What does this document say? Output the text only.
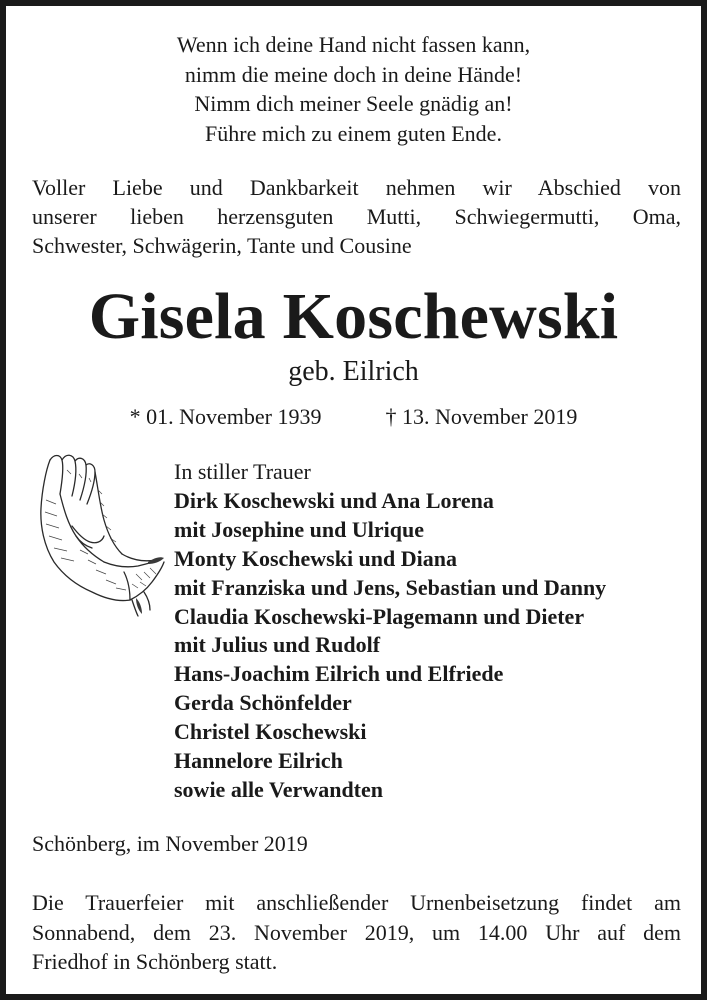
Wenn ich deine Hand nicht fassen kann,
nimm die meine doch in deine Hände!
Nimm dich meiner Seele gnädig an!
Führe mich zu einem guten Ende.
Voller Liebe und Dankbarkeit nehmen wir Abschied von
unserer lieben herzensguten Mutti, Schwiegermutti, Oma,
Schwester, Schwägerin, Tante und Cousine
Gisela Koschewski
geb. Eilrich
* 01. November 1939	† 13. November 2019
In stiller Trauer
Dirk Koschewski und Ana Lorena
mit Josephine und Ulrique
Monty Koschewski und Diana
mit Franziska und Jens, Sebastian und Danny
Claudia Koschewski-Plagemann und Dieter
mit Julius und Rudolf
Hans-Joachim Eilrich und Elfriede
Gerda Schönfelder
Christel Koschewski
Hannelore Eilrich
sowie alle Verwandten
Schönberg, im November 2019
Die Trauerfeier mit anschließender Urnenbeisetzung findet am
Sonnabend, dem 23. November 2019, um 14.00 Uhr auf dem
Friedhof in Schönberg statt.
